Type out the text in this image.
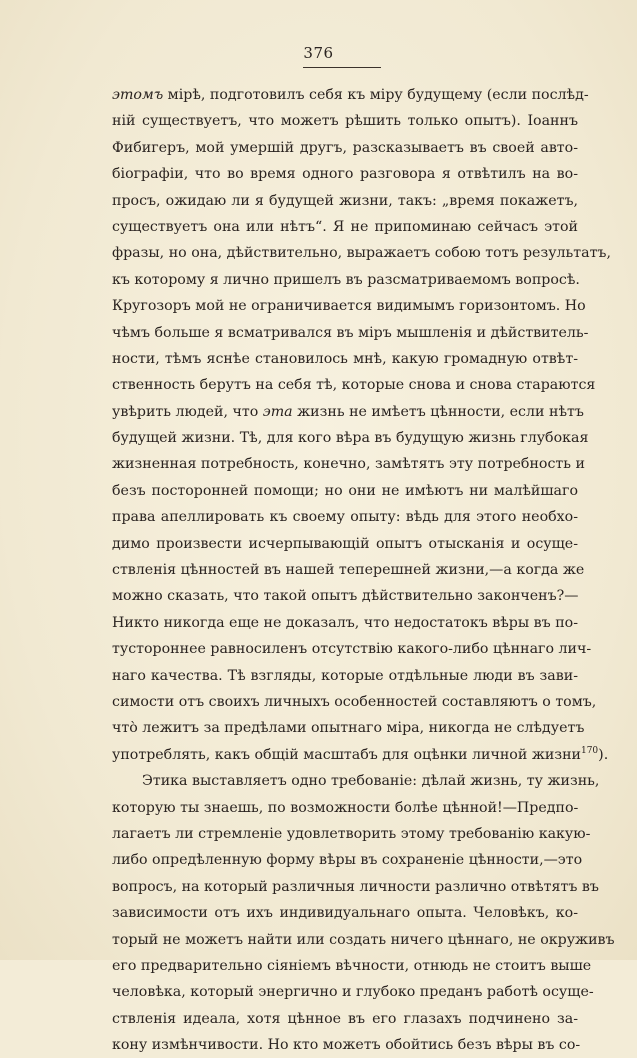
376
этомъ мірѣ, подготовилъ себя къ міру будущему (если послѣд-
ній существуетъ, что можетъ рѣшить только опытъ). Іоаннъ
Фибигеръ, мой умершій другъ, разсказываетъ въ своей авто-
біографіи, что во время одного разговора я отвѣтилъ на во-
просъ, ожидаю ли я будущей жизни, такъ: „время покажетъ,
существуетъ она или нѣтъ“. Я не припоминаю сейчасъ этой
фразы, но она, дѣйствительно, выражаетъ собою тотъ результатъ,
къ которому я лично пришелъ въ разсматриваемомъ вопросѣ.
Кругозоръ мой не ограничивается видимымъ горизонтомъ. Но
чѣмъ больше я всматривался въ міръ мышленія и дѣйствитель-
ности, тѣмъ яснѣе становилось мнѣ, какую громадную отвѣт-
ственность берутъ на себя тѣ, которые снова и снова стараются
увѣрить людей, что эта жизнь не имѣетъ цѣнности, если нѣтъ
будущей жизни. Тѣ, для кого вѣра въ будущую жизнь глубокая
жизненная потребность, конечно, замѣтятъ эту потребность и
безъ посторонней помощи; но они не имѣютъ ни малѣйшаго
права апеллировать къ своему опыту: вѣдь для этого необхо-
димо произвести исчерпывающій опытъ отысканія и осуще-
ствленія цѣнностей въ нашей теперешней жизни,—а когда же
можно сказать, что такой опытъ дѣйствительно законченъ?—
Никто никогда еще не доказалъ, что недостатокъ вѣры въ по-
тустороннее равносиленъ отсутствію какого-либо цѣннаго лич-
наго качества. Тѣ взгляды, которые отдѣльные люди въ зави-
симости отъ своихъ личныхъ особенностей составляютъ о томъ,
что̀ лежитъ за предѣлами опытнаго міра, никогда не слѣдуетъ
употреблять, какъ общій масштабъ для оцѣнки личной жизни$^{170}$).
Этика выставляетъ одно требованіе: дѣлай жизнь, ту жизнь,
которую ты знаешь, по возможности болѣе цѣнной!—Предпо-
лагаетъ ли стремленіе удовлетворить этому требованію какую-
либо опредѣленную форму вѣры въ сохраненіе цѣнности,—это
вопросъ, на который различныя личности различно отвѣтятъ въ
зависимости отъ ихъ индивидуальнаго опыта. Человѣкъ, ко-
торый не можетъ найти или создать ничего цѣннаго, не окруживъ
его предварительно сіяніемъ вѣчности, отнюдь не стоитъ выше
человѣка, который энергично и глубоко преданъ работѣ осуще-
ствленія идеала, хотя цѣнное въ его глазахъ подчинено за-
кону измѣнчивости. Но кто можетъ обойтись безъ вѣры въ со-
